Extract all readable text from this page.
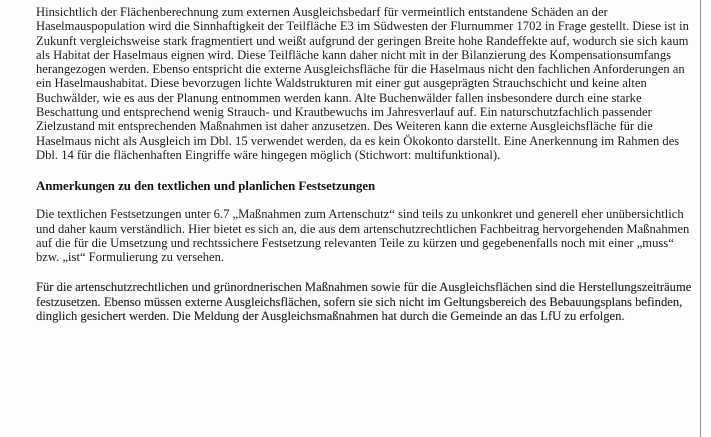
Hinsichtlich der Flächenberechnung zum externen Ausgleichsbedarf für vermeintlich entstandene Schäden an der Haselmauspopulation wird die Sinnhaftigkeit der Teilfläche E3 im Südwesten der Flurnummer 1702 in Frage gestellt. Diese ist in Zukunft vergleichsweise stark fragmentiert und weißt aufgrund der geringen Breite hohe Randeffekte auf, wodurch sie sich kaum als Habitat der Haselmaus eignen wird. Diese Teilfläche kann daher nicht mit in der Bilanzierung des Kompensationsumfangs herangezogen werden. Ebenso entspricht die externe Ausgleichsfläche für die Haselmaus nicht den fachlichen Anforderungen an ein Haselmaushabitat. Diese bevorzugen lichte Waldstrukturen mit einer gut ausgeprägten Strauchschicht und keine alten Buchwälder, wie es aus der Planung entnommen werden kann. Alte Buchenwälder fallen insbesondere durch eine starke Beschattung und entsprechend wenig Strauch- und Krautbewuchs im Jahresverlauf auf. Ein naturschutzfachlich passender Zielzustand mit entsprechenden Maßnahmen ist daher anzusetzen. Des Weiteren kann die externe Ausgleichsfläche für die Haselmaus nicht als Ausgleich im Dbl. 15 verwendet werden, da es kein Ökokonto darstellt. Eine Anerkennung im Rahmen des Dbl. 14 für die flächenhaften Eingriffe wäre hingegen möglich (Stichwort: multifunktional).

Anmerkungen zu den textlichen und planlichen Festsetzungen

Die textlichen Festsetzungen unter 6.7 „Maßnahmen zum Artenschutz“ sind teils zu unkonkret und generell eher unübersichtlich und daher kaum verständlich. Hier bietet es sich an, die aus dem artenschutzrechtlichen Fachbeitrag hervorgehenden Maßnahmen auf die für die Umsetzung und rechtssichere Festsetzung relevanten Teile zu kürzen und gegebenenfalls noch mit einer „muss“ bzw. „ist“ Formulierung zu versehen.

Für die artenschutzrechtlichen und grünordnerischen Maßnahmen sowie für die Ausgleichsflächen sind die Herstellungszeiträume festzusetzen. Ebenso müssen externe Ausgleichsflächen, sofern sie sich nicht im Geltungsbereich des Bebauungsplans befinden, dinglich gesichert werden. Die Meldung der Ausgleichsmaßnahmen hat durch die Gemeinde an das LfU zu erfolgen.
